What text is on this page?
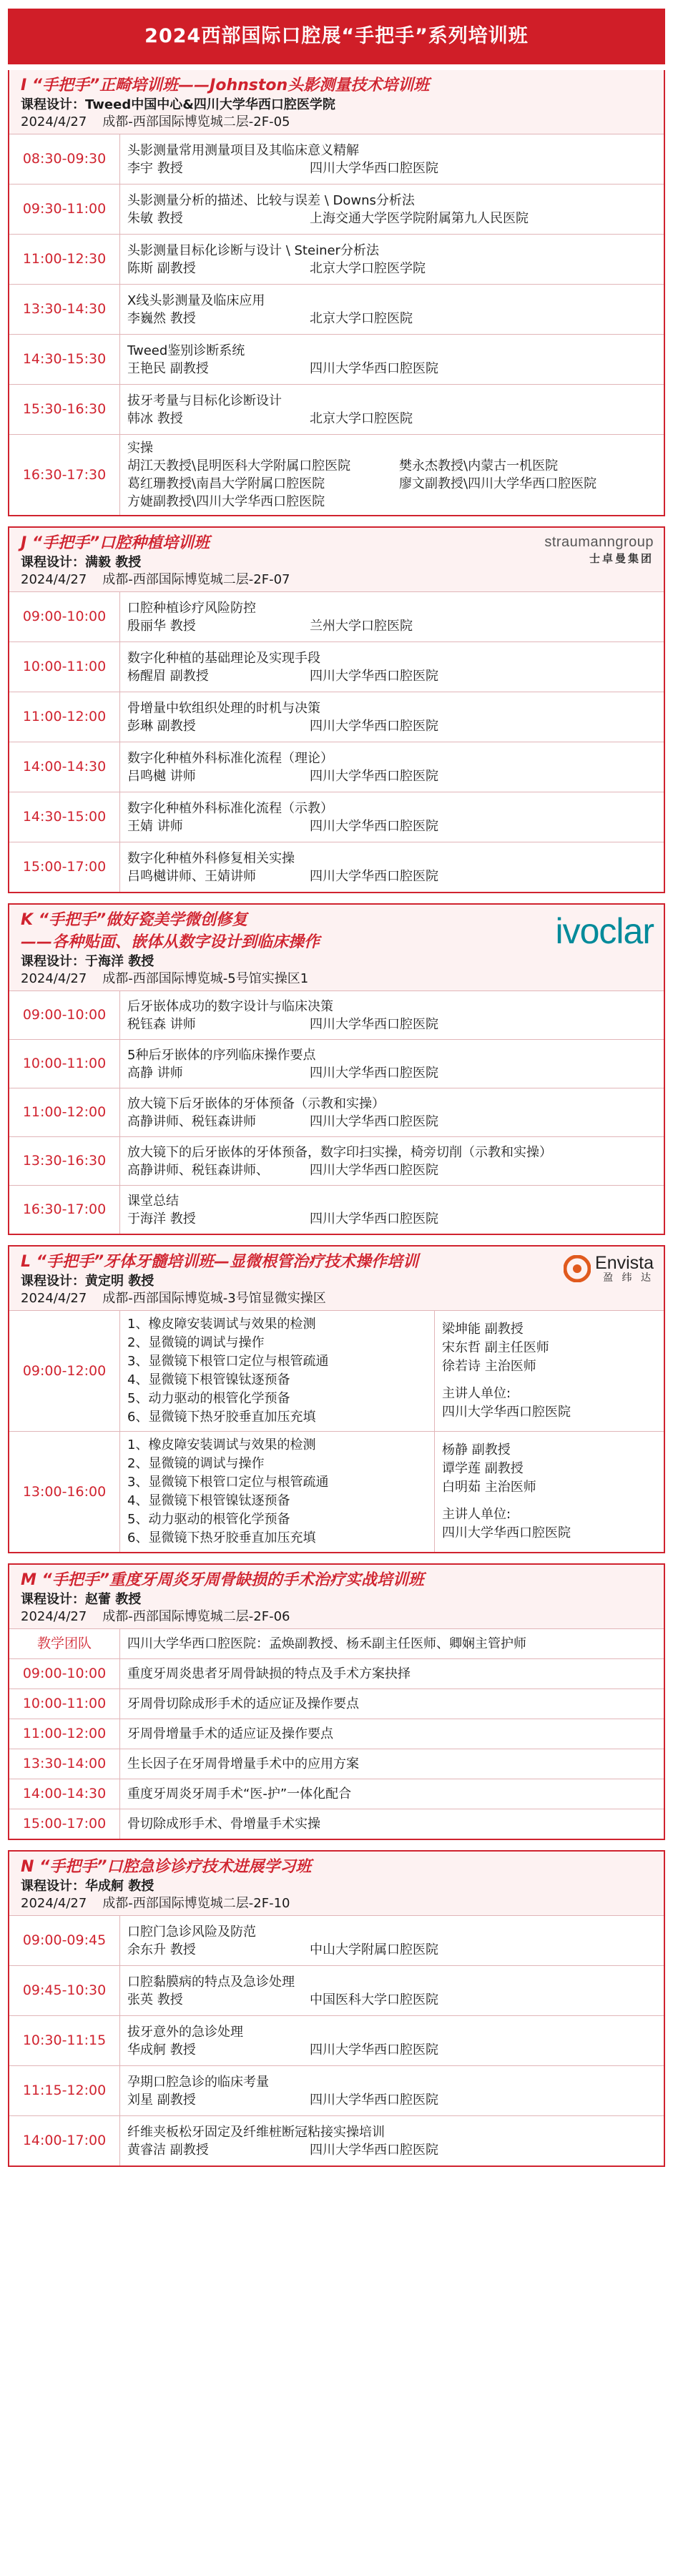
2024西部国际口腔展“手把手”系列培训班
I “手把手”正畸培训班——Johnston头影测量技术培训班
课程设计：Tweed中国中心&四川大学华西口腔医学院
2024/4/27 成都-西部国际博览城二层-2F-05
08:30-09:30
头影测量常用测量项目及其临床意义精解
李宇 教授	四川大学华西口腔医院
09:30-11:00
头影测量分析的描述、比较与误差 \ Downs分析法
朱敏 教授	上海交通大学医学院附属第九人民医院
11:00-12:30
头影测量目标化诊断与设计 \ Steiner分析法
陈斯 副教授	北京大学口腔医学院
13:30-14:30
X线头影测量及临床应用
李巍然 教授	北京大学口腔医院
14:30-15:30
Tweed鉴别诊断系统
王艳民 副教授	四川大学华西口腔医院
15:30-16:30
拔牙考量与目标化诊断设计
韩冰 教授	北京大学口腔医院
16:30-17:30
实操
胡江天教授\昆明医科大学附属口腔医院	樊永杰教授\内蒙古一机医院
葛红珊教授\南昌大学附属口腔医院	廖文副教授\四川大学华西口腔医院
方婕副教授\四川大学华西口腔医院
J “手把手”口腔种植培训班
课程设计：满毅 教授
2024/4/27 成都-西部国际博览城二层-2F-07
straumanngroup
士卓曼集团
09:00-10:00
口腔种植诊疗风险防控
殷丽华 教授	兰州大学口腔医院
10:00-11:00
数字化种植的基础理论及实现手段
杨醒眉 副教授	四川大学华西口腔医院
11:00-12:00
骨增量中软组织处理的时机与决策
彭琳 副教授	四川大学华西口腔医院
14:00-14:30
数字化种植外科标准化流程（理论）
吕鸣樾 讲师	四川大学华西口腔医院
14:30-15:00
数字化种植外科标准化流程（示教）
王婧 讲师	四川大学华西口腔医院
15:00-17:00
数字化种植外科修复相关实操
吕鸣樾讲师、王婧讲师	四川大学华西口腔医院
K “手把手”做好瓷美学微创修复
——各种贴面、嵌体从数字设计到临床操作
课程设计：于海洋 教授
2024/4/27 成都-西部国际博览城-5号馆实操区1
ivoclar
09:00-10:00
后牙嵌体成功的数字设计与临床决策
税钰森 讲师	四川大学华西口腔医院
10:00-11:00
5种后牙嵌体的序列临床操作要点
高静 讲师	四川大学华西口腔医院
11:00-12:00
放大镜下后牙嵌体的牙体预备（示教和实操）
高静讲师、税钰森讲师	四川大学华西口腔医院
13:30-16:30
放大镜下的后牙嵌体的牙体预备，数字印扫实操，椅旁切削（示教和实操）
高静讲师、税钰森讲师、	四川大学华西口腔医院
16:30-17:00
课堂总结
于海洋 教授	四川大学华西口腔医院
L “手把手”牙体牙髓培训班—显微根管治疗技术操作培训
课程设计：黄定明 教授
2024/4/27 成都-西部国际博览城-3号馆显微实操区
Envista
盈 纬 达
09:00-12:00
1、橡皮障安装调试与效果的检测
2、显微镜的调试与操作
3、显微镜下根管口定位与根管疏通
4、显微镜下根管镍钛逐预备
5、动力驱动的根管化学预备
6、显微镜下热牙胶垂直加压充填
梁坤能 副教授
宋东哲 副主任医师
徐若诗 主治医师
主讲人单位:
四川大学华西口腔医院
13:00-16:00
1、橡皮障安装调试与效果的检测
2、显微镜的调试与操作
3、显微镜下根管口定位与根管疏通
4、显微镜下根管镍钛逐预备
5、动力驱动的根管化学预备
6、显微镜下热牙胶垂直加压充填
杨静 副教授
谭学莲 副教授
白明茹 主治医师
主讲人单位:
四川大学华西口腔医院
M “手把手”重度牙周炎牙周骨缺损的手术治疗实战培训班
课程设计：赵蕾 教授
2024/4/27 成都-西部国际博览城二层-2F-06
教学团队	四川大学华西口腔医院：孟焕副教授、杨禾副主任医师、卿娴主管护师
09:00-10:00	重度牙周炎患者牙周骨缺损的特点及手术方案抉择
10:00-11:00	牙周骨切除成形手术的适应证及操作要点
11:00-12:00	牙周骨增量手术的适应证及操作要点
13:30-14:00	生长因子在牙周骨增量手术中的应用方案
14:00-14:30	重度牙周炎牙周手术“医-护”一体化配合
15:00-17:00	骨切除成形手术、骨增量手术实操
N “手把手”口腔急诊诊疗技术进展学习班
课程设计：华成舸 教授
2024/4/27 成都-西部国际博览城二层-2F-10
09:00-09:45
口腔门急诊风险及防范
余东升 教授	中山大学附属口腔医院
09:45-10:30
口腔黏膜病的特点及急诊处理
张英 教授	中国医科大学口腔医院
10:30-11:15
拔牙意外的急诊处理
华成舸 教授	四川大学华西口腔医院
11:15-12:00
孕期口腔急诊的临床考量
刘星 副教授	四川大学华西口腔医院
14:00-17:00
纤维夹板松牙固定及纤维桩断冠粘接实操培训
黄睿洁 副教授	四川大学华西口腔医院
